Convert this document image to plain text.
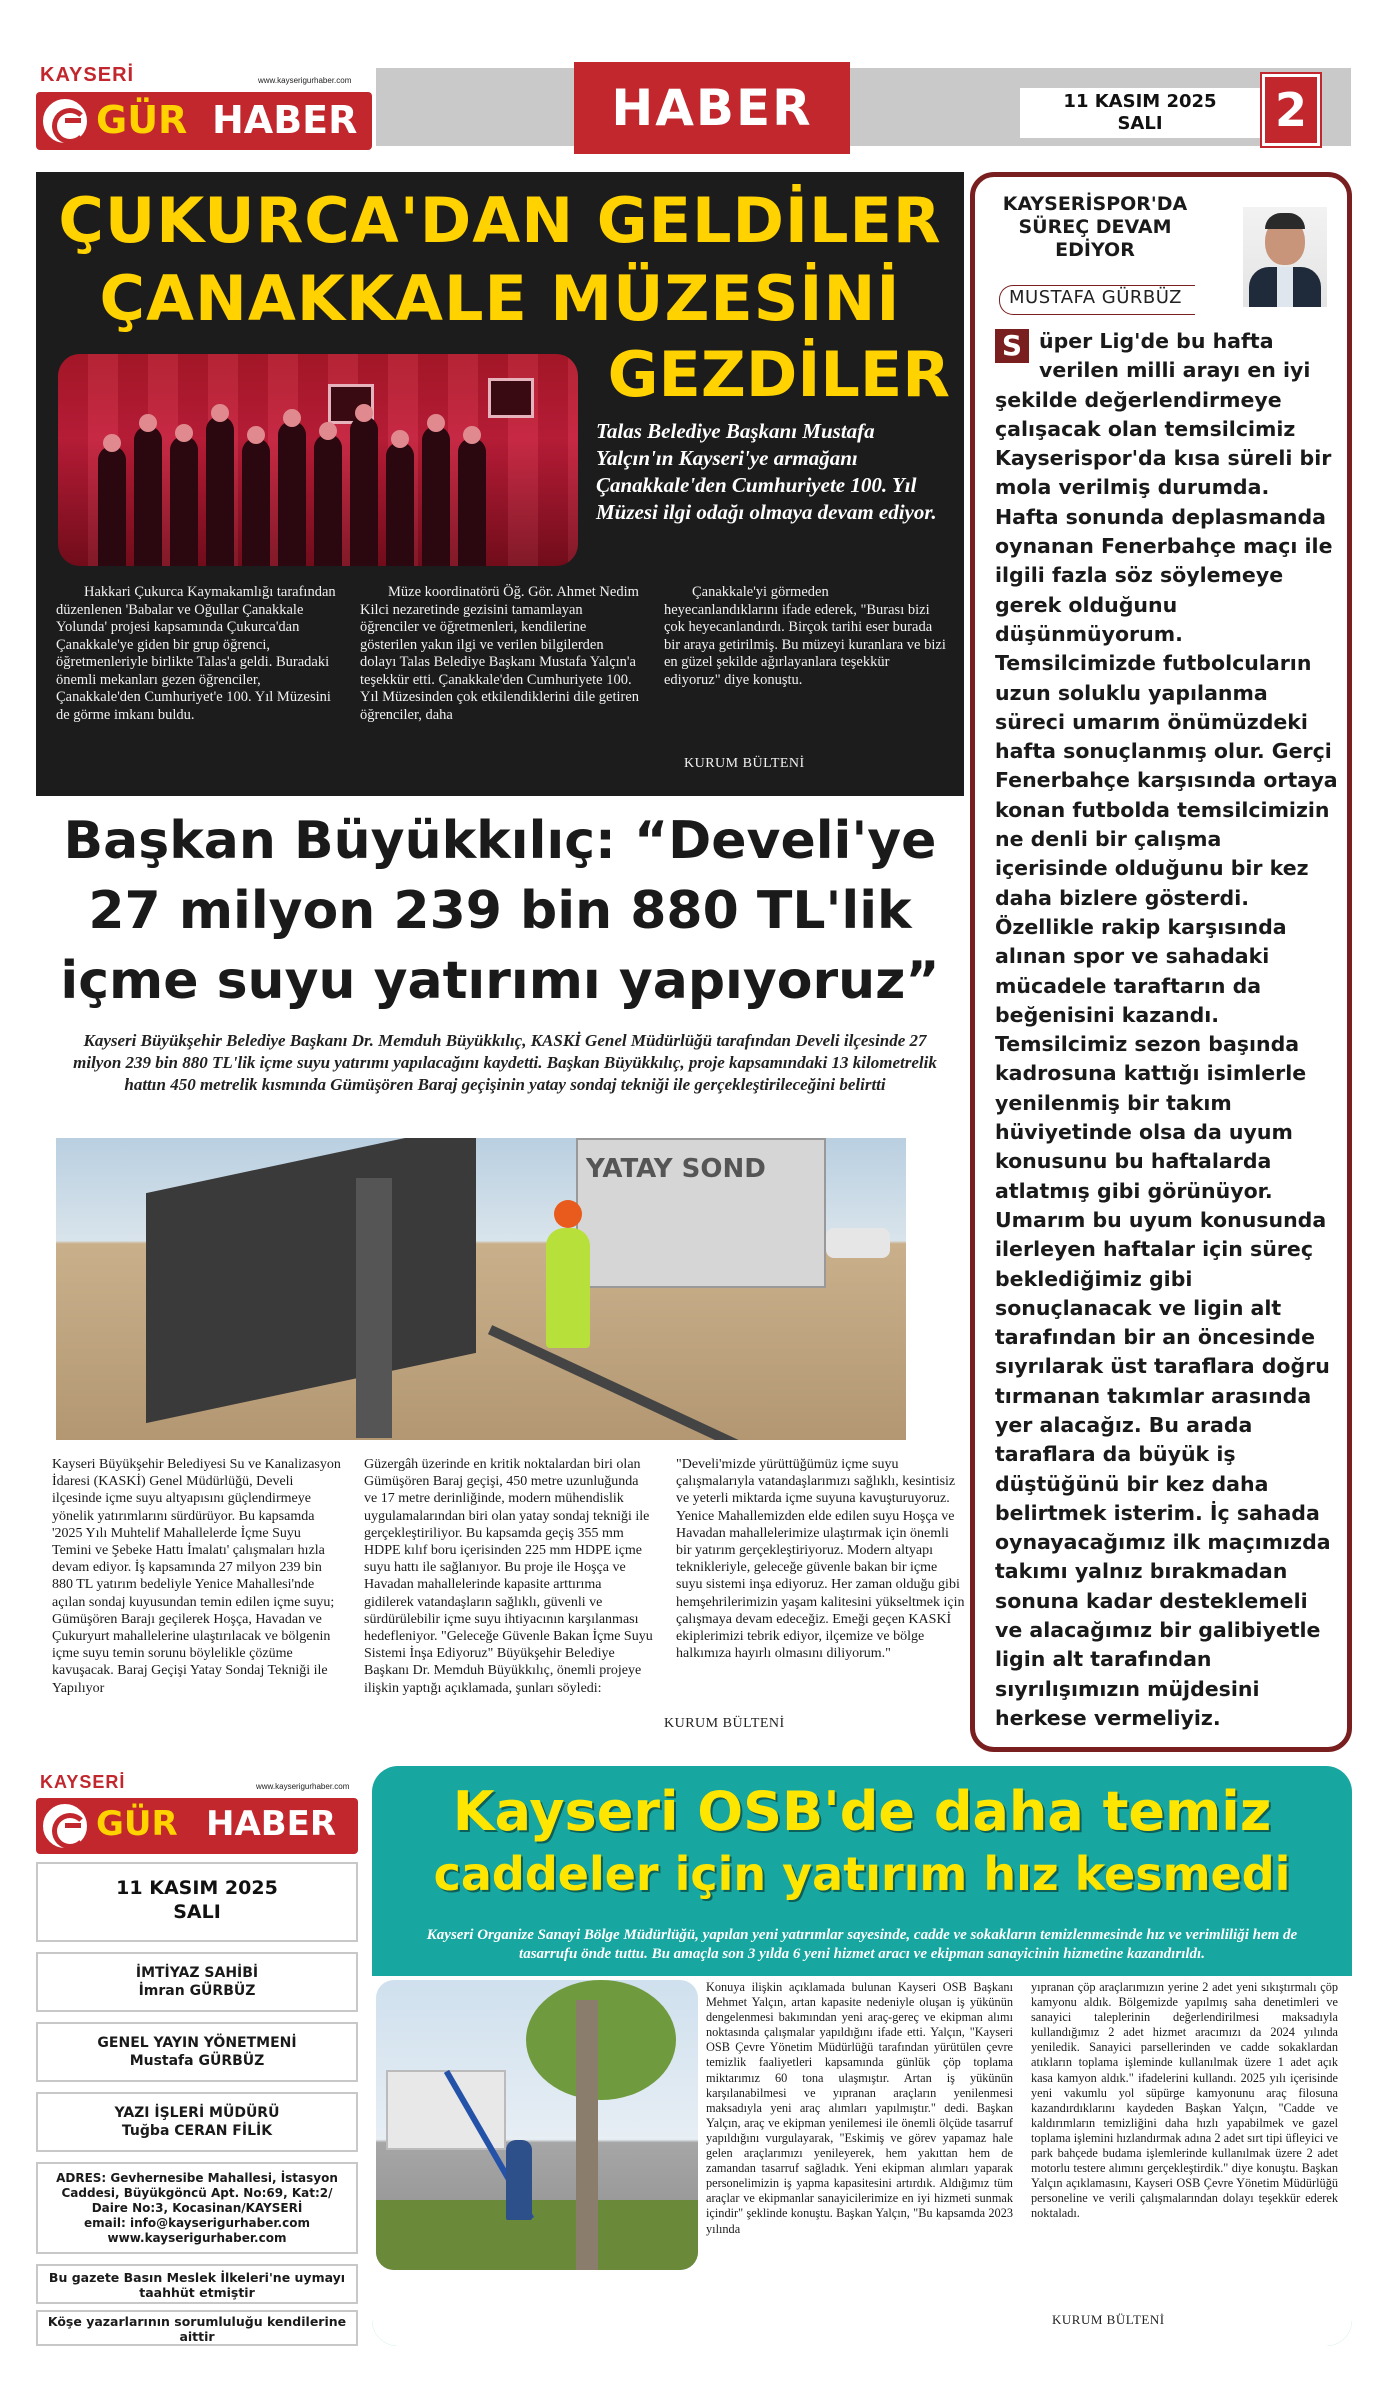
KAYSERİ	www.kayserigurhaber.com
GÜR HABER	HABER	11 KASIM 2025
SALI	2
ÇUKURCA'DAN GELDİLER
ÇANAKKALE MÜZESİNİ
GEZDİLER
Talas Belediye Başkanı Mustafa Yalçın'ın Kayseri'ye armağanı Çanakkale'den Cumhuriyete 100. Yıl Müzesi ilgi odağı olmaya devam ediyor.

Hakkari Çukurca Kaymakamlığı tarafından düzenlenen 'Babalar ve Oğullar Çanakkale Yolunda' projesi kapsamında Çukurca'dan Çanakkale'ye giden bir grup öğrenci, öğretmenleriyle birlikte Talas'a geldi. Buradaki önemli mekanları gezen öğrenciler, Çanakkale'den Cumhuriyet'e 100. Yıl Müzesini de görme imkanı buldu.

Müze koordinatörü Öğ. Gör. Ahmet Nedim Kilci nezaretinde gezisini tamamlayan öğrenciler ve öğretmenleri, kendilerine gösterilen yakın ilgi ve verilen bilgilerden dolayı Talas Belediye Başkanı Mustafa Yalçın'a teşekkür etti. Çanakkale'den Cumhuriyete 100. Yıl Müzesinden çok etkilendiklerini dile getiren öğrenciler, daha

Çanakkale'yi görmeden heyecanlandıklarını ifade ederek, "Burası bizi çok heyecanlandırdı. Birçok tarihi eser burada bir araya getirilmiş. Bu müzeyi kuranlara ve bizi en güzel şekilde ağırlayanlara teşekkür ediyoruz" diye konuştu.

KURUM BÜLTENİ
Başkan Büyükkılıç: “Develi'ye 27 milyon 239 bin 880 TL'lik içme suyu yatırımı yapıyoruz”
Kayseri Büyükşehir Belediye Başkanı Dr. Memduh Büyükkılıç, KASKİ Genel Müdürlüğü tarafından Develi ilçesinde 27 milyon 239 bin 880 TL'lik içme suyu yatırımı yapılacağını kaydetti. Başkan Büyükkılıç, proje kapsamındaki 13 kilometrelik hattın 450 metrelik kısmında Gümüşören Baraj geçişinin yatay sondaj tekniği ile gerçekleştirileceğini belirtti
YATAY SOND

Kayseri Büyükşehir Belediyesi Su ve Kanalizasyon İdaresi (KASKİ) Genel Müdürlüğü, Develi ilçesinde içme suyu altyapısını güçlendirmeye yönelik yatırımlarını sürdürüyor. Bu kapsamda '2025 Yılı Muhtelif Mahallelerde İçme Suyu Temini ve Şebeke Hattı İmalatı' çalışmaları hızla devam ediyor. İş kapsamında 27 milyon 239 bin 880 TL yatırım bedeliyle Yenice Mahallesi'nde açılan sondaj kuyusundan temin edilen içme suyu; Gümüşören Barajı geçilerek Hoşça, Havadan ve Çukuryurt mahallelerine ulaştırılacak ve bölgenin içme suyu temin sorunu böylelikle çözüme kavuşacak. Baraj Geçişi Yatay Sondaj Tekniği ile Yapılıyor

Güzergâh üzerinde en kritik noktalardan biri olan Gümüşören Baraj geçişi, 450 metre uzunluğunda ve 17 metre derinliğinde, modern mühendislik uygulamalarından biri olan yatay sondaj tekniği ile gerçekleştiriliyor. Bu kapsamda geçiş 355 mm HDPE kılıf boru içerisinden 225 mm HDPE içme suyu hattı ile sağlanıyor. Bu proje ile Hoşça ve Havadan mahallelerinde kapasite arttırıma gidilerek vatandaşların sağlıklı, güvenli ve sürdürülebilir içme suyu ihtiyacının karşılanması hedefleniyor. "Geleceğe Güvenle Bakan İçme Suyu Sistemi İnşa Ediyoruz" Büyükşehir Belediye Başkanı Dr. Memduh Büyükkılıç, önemli projeye ilişkin yaptığı açıklamada, şunları söyledi:

"Develi'mizde yürüttüğümüz içme suyu çalışmalarıyla vatandaşlarımızı sağlıklı, kesintisiz ve yeterli miktarda içme suyuna kavuşturuyoruz. Yenice Mahallemizden elde edilen suyu Hoşça ve Havadan mahallelerimize ulaştırmak için önemli bir yatırım gerçekleştiriyoruz. Modern altyapı teknikleriyle, geleceğe güvenle bakan bir içme suyu sistemi inşa ediyoruz. Her zaman olduğu gibi hemşehrilerimizin yaşam kalitesini yükseltmek için çalışmaya devam edeceğiz. Emeği geçen KASKİ ekiplerimizi tebrik ediyor, ilçemize ve bölge halkımıza hayırlı olmasını diliyorum."

KURUM BÜLTENİ
KAYSERİSPOR'DA SÜREÇ DEVAM EDİYOR
MUSTAFA GÜRBÜZ
S üper Lig'de bu hafta verilen milli arayı en iyi şekilde değerlendirmeye çalışacak olan temsilcimiz Kayserispor'da kısa süreli bir mola verilmiş durumda. Hafta sonunda deplasmanda oynanan Fenerbahçe maçı ile ilgili fazla söz söylemeye gerek olduğunu düşünmüyorum. Temsilcimizde futbolcuların uzun soluklu yapılanma süreci umarım önümüzdeki hafta sonuçlanmış olur. Gerçi Fenerbahçe karşısında ortaya konan futbolda temsilcimizin ne denli bir çalışma içerisinde olduğunu bir kez daha bizlere gösterdi. Özellikle rakip karşısında alınan spor ve sahadaki mücadele taraftarın da beğenisini kazandı. Temsilcimiz sezon başında kadrosuna kattığı isimlerle yenilenmiş bir takım hüviyetinde olsa da uyum konusunu bu haftalarda atlatmış gibi görünüyor. Umarım bu uyum konusunda ilerleyen haftalar için süreç beklediğimiz gibi sonuçlanacak ve ligin alt tarafından bir an öncesinde sıyrılarak üst taraflara doğru tırmanan takımlar arasında yer alacağız. Bu arada taraflara da büyük iş düştüğünü bir kez daha belirtmek isterim. İç sahada oynayacağımız ilk maçımızda takımı yalnız bırakmadan sonuna kadar desteklemeli ve alacağımız bir galibiyetle ligin alt tarafından sıyrılışımızın müjdesini herkese vermeliyiz.
KAYSERİ	www.kayserigurhaber.com
GÜR HABER
11 KASIM 2025
SALI
İMTİYAZ SAHİBİ
İmran GÜRBÜZ
GENEL YAYIN YÖNETMENİ
Mustafa GÜRBÜZ
YAZI İŞLERİ MÜDÜRÜ
Tuğba CERAN FİLİK
ADRES: Gevhernesibe Mahallesi, İstasyon Caddesi, Büyükgöncü Apt. No:69, Kat:2/ Daire No:3, Kocasinan/KAYSERİ
email: info@kayserigurhaber.com
www.kayserigurhaber.com
Bu gazete Basın Meslek İlkeleri'ne uymayı taahhüt etmiştir
Köşe yazarlarının sorumluluğu kendilerine aittir
Kayseri OSB'de daha temiz
caddeler için yatırım hız kesmedi
Kayseri Organize Sanayi Bölge Müdürlüğü, yapılan yeni yatırımlar sayesinde, cadde ve sokakların temizlenmesinde hız ve verimliliği hem de tasarrufu önde tuttu. Bu amaçla son 3 yılda 6 yeni hizmet aracı ve ekipman sanayicinin hizmetine kazandırıldı.

Konuya ilişkin açıklamada bulunan Kayseri OSB Başkanı Mehmet Yalçın, artan kapasite nedeniyle oluşan iş yükünün dengelenmesi bakımından yeni araç-gereç ve ekipman alımı noktasında çalışmalar yapıldığını ifade etti. Yalçın, "Kayseri OSB Çevre Yönetim Müdürlüğü tarafından yürütülen çevre temizlik faaliyetleri kapsamında günlük çöp toplama miktarımız 60 tona ulaşmıştır. Artan iş yükünün karşılanabilmesi ve yıpranan araçların yenilenmesi maksadıyla yeni araç alımları yapılmıştır." dedi. Başkan Yalçın, araç ve ekipman yenilemesi ile önemli ölçüde tasarruf yapıldığını vurgulayarak, "Eskimiş ve görev yapamaz hale gelen araçlarımızı yenileyerek, hem yakıttan hem de zamandan tasarruf sağladık. Yeni ekipman alımları yaparak personelimizin iş yapma kapasitesini artırdık. Aldığımız tüm araçlar ve ekipmanlar sanayicilerimize en iyi hizmeti sunmak içindir" şeklinde konuştu. Başkan Yalçın, "Bu kapsamda 2023 yılında

yıpranan çöp araçlarımızın yerine 2 adet yeni sıkıştırmalı çöp kamyonu aldık. Bölgemizde yapılmış saha denetimleri ve sanayici taleplerinin değerlendirilmesi maksadıyla kullandığımız 2 adet hizmet aracımızı da 2024 yılında yeniledik. Sanayici parsellerinden ve cadde sokaklardan atıkların toplama işleminde kullanılmak üzere 1 adet açık kasa kamyon aldık." ifadelerini kullandı. 2025 yılı içerisinde yeni vakumlu yol süpürge kamyonunu araç filosuna kazandırdıklarını kaydeden Başkan Yalçın, "Cadde ve kaldırımların temizliğini daha hızlı yapabilmek ve gazel toplama işlemini hızlandırmak adına 2 adet sırt tipi üfleyici ve park bahçede budama işlemlerinde kullanılmak üzere 2 adet motorlu testere alımını gerçekleştirdik." diye konuştu. Başkan Yalçın açıklamasını, Kayseri OSB Çevre Yönetim Müdürlüğü personeline ve verili çalışmalarından dolayı teşekkür ederek noktaladı.

KURUM BÜLTENİ
